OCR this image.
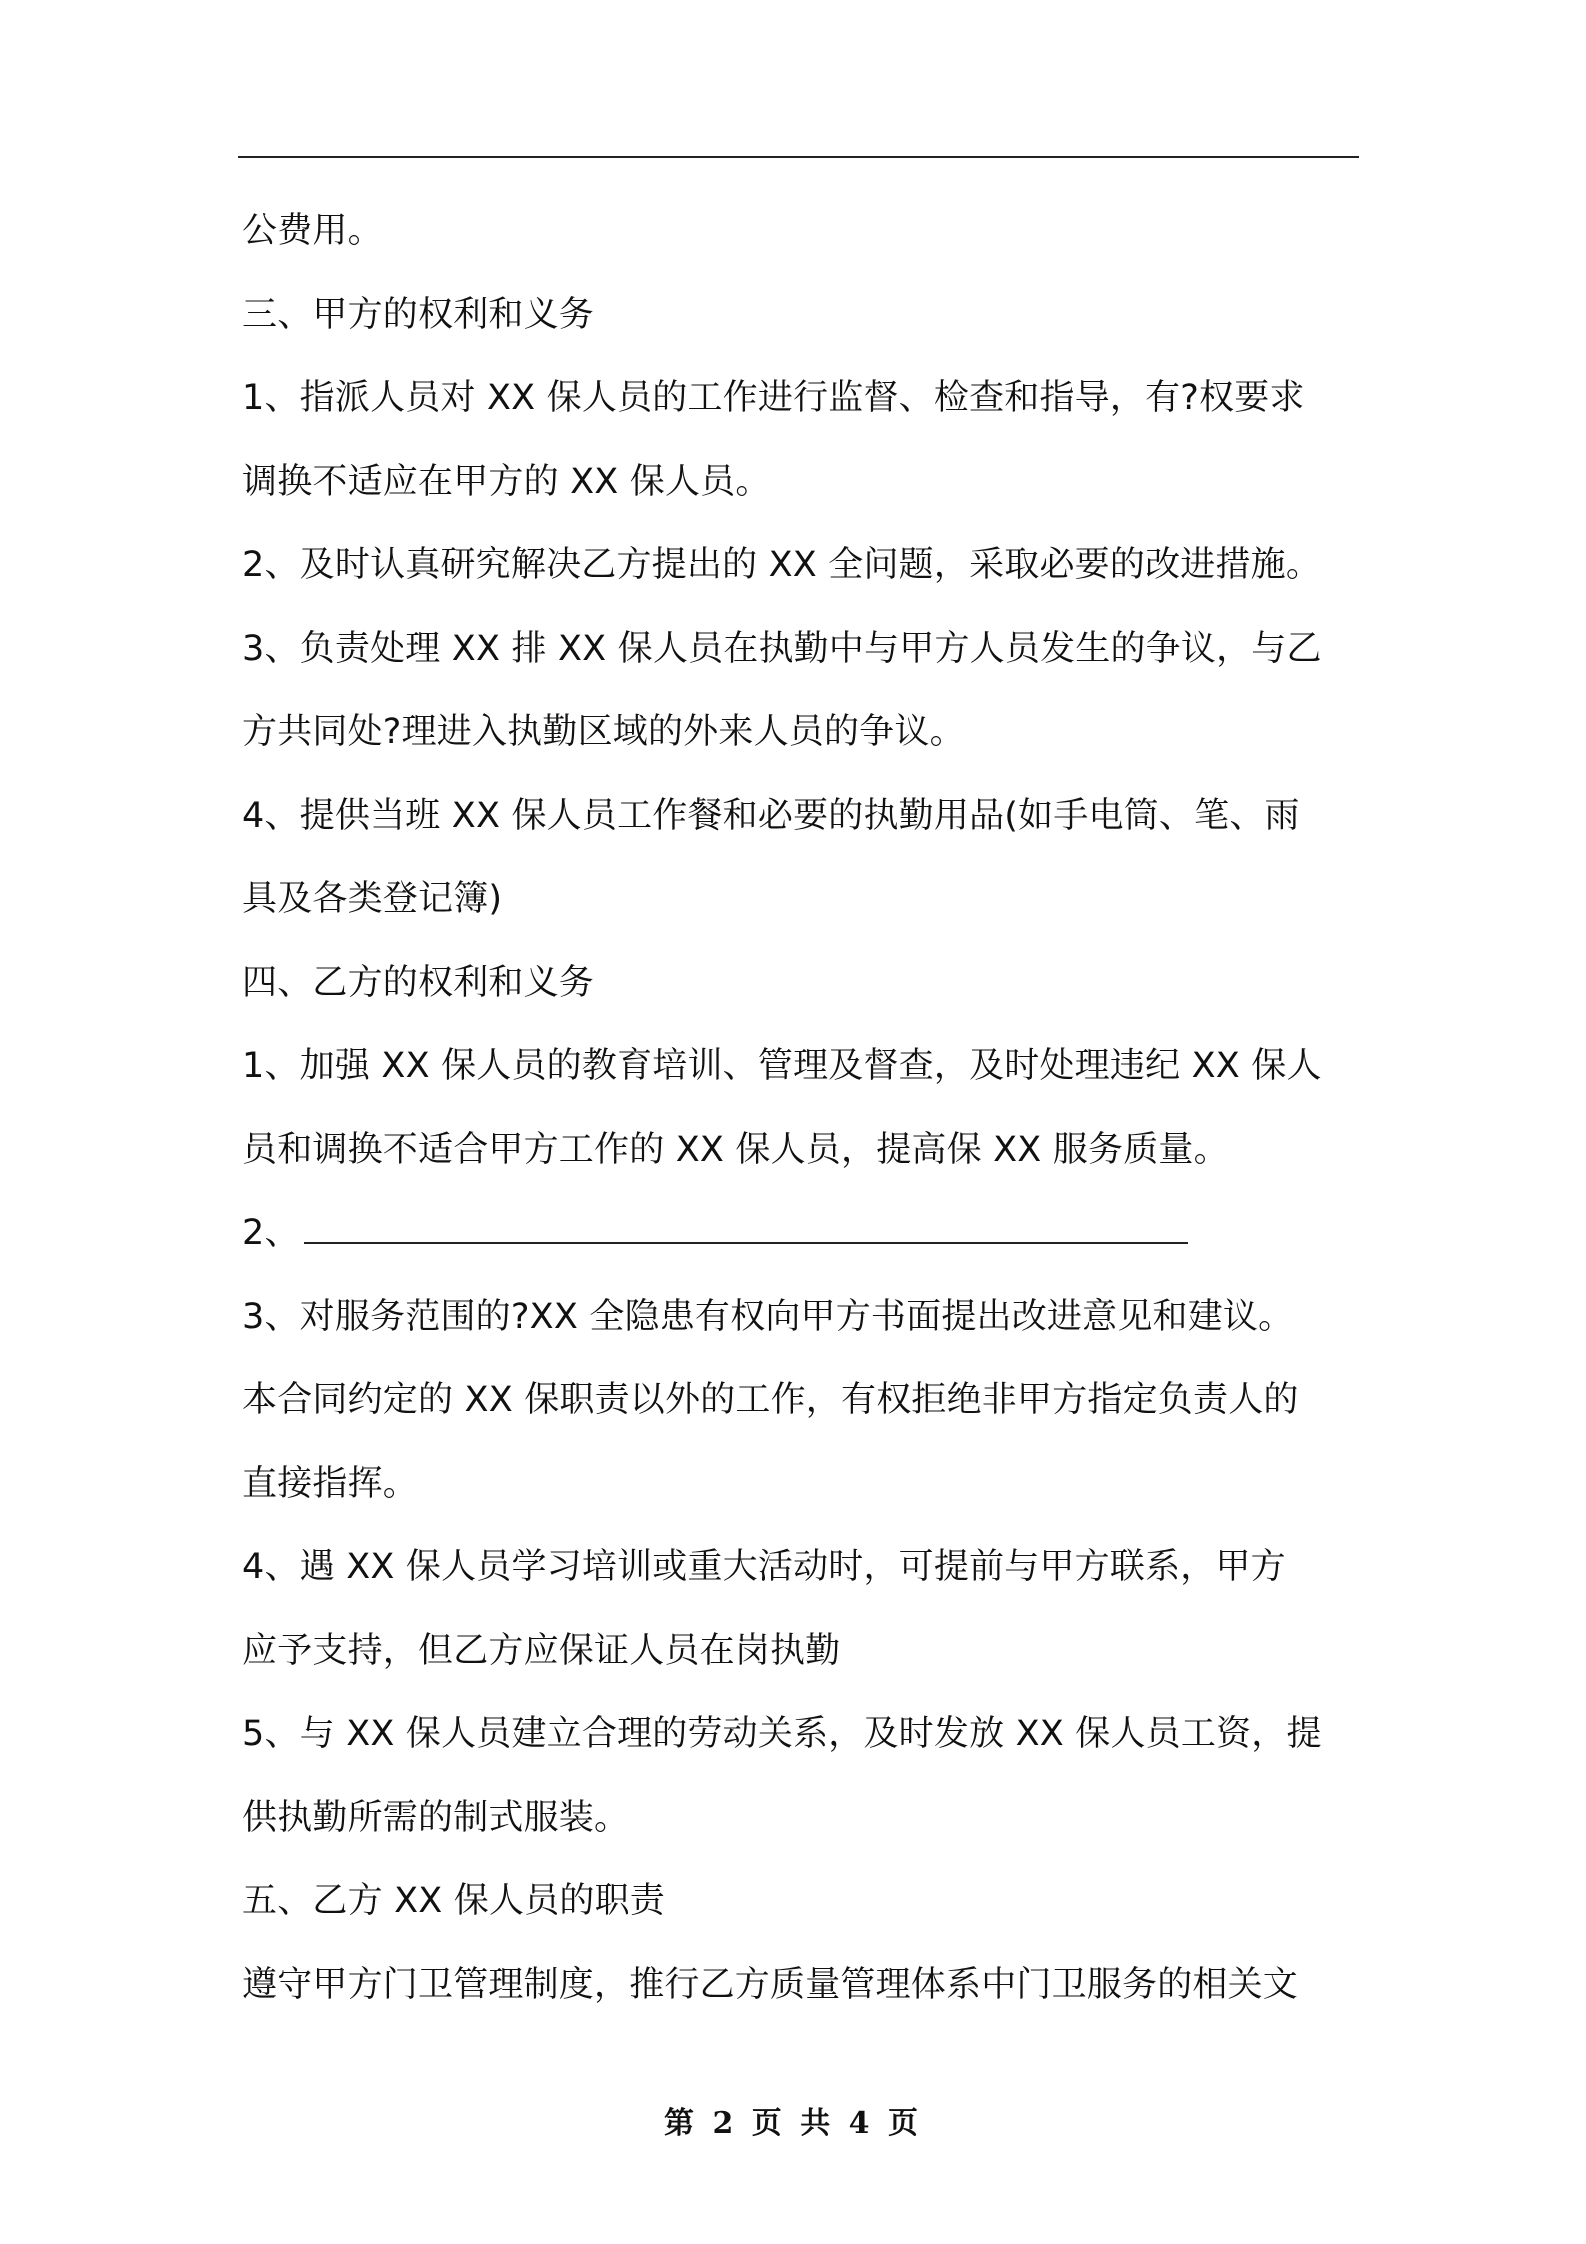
公费用。
三、甲方的权利和义务
1、指派人员对 XX 保人员的工作进行监督、检查和指导，有?权要求
调换不适应在甲方的 XX 保人员。
2、及时认真研究解决乙方提出的 XX 全问题，采取必要的改进措施。
3、负责处理 XX 排 XX 保人员在执勤中与甲方人员发生的争议，与乙
方共同处?理进入执勤区域的外来人员的争议。
4、提供当班 XX 保人员工作餐和必要的执勤用品(如手电筒、笔、雨
具及各类登记簿)
四、乙方的权利和义务
1、加强 XX 保人员的教育培训、管理及督查，及时处理违纪 XX 保人
员和调换不适合甲方工作的 XX 保人员，提高保 XX 服务质量。
2、
3、对服务范围的?XX 全隐患有权向甲方书面提出改进意见和建议。
本合同约定的 XX 保职责以外的工作，有权拒绝非甲方指定负责人的
直接指挥。
4、遇 XX 保人员学习培训或重大活动时，可提前与甲方联系，甲方
应予支持，但乙方应保证人员在岗执勤
5、与 XX 保人员建立合理的劳动关系，及时发放 XX 保人员工资，提
供执勤所需的制式服装。
五、乙方 XX 保人员的职责
遵守甲方门卫管理制度，推行乙方质量管理体系中门卫服务的相关文
第 2 页 共 4 页
